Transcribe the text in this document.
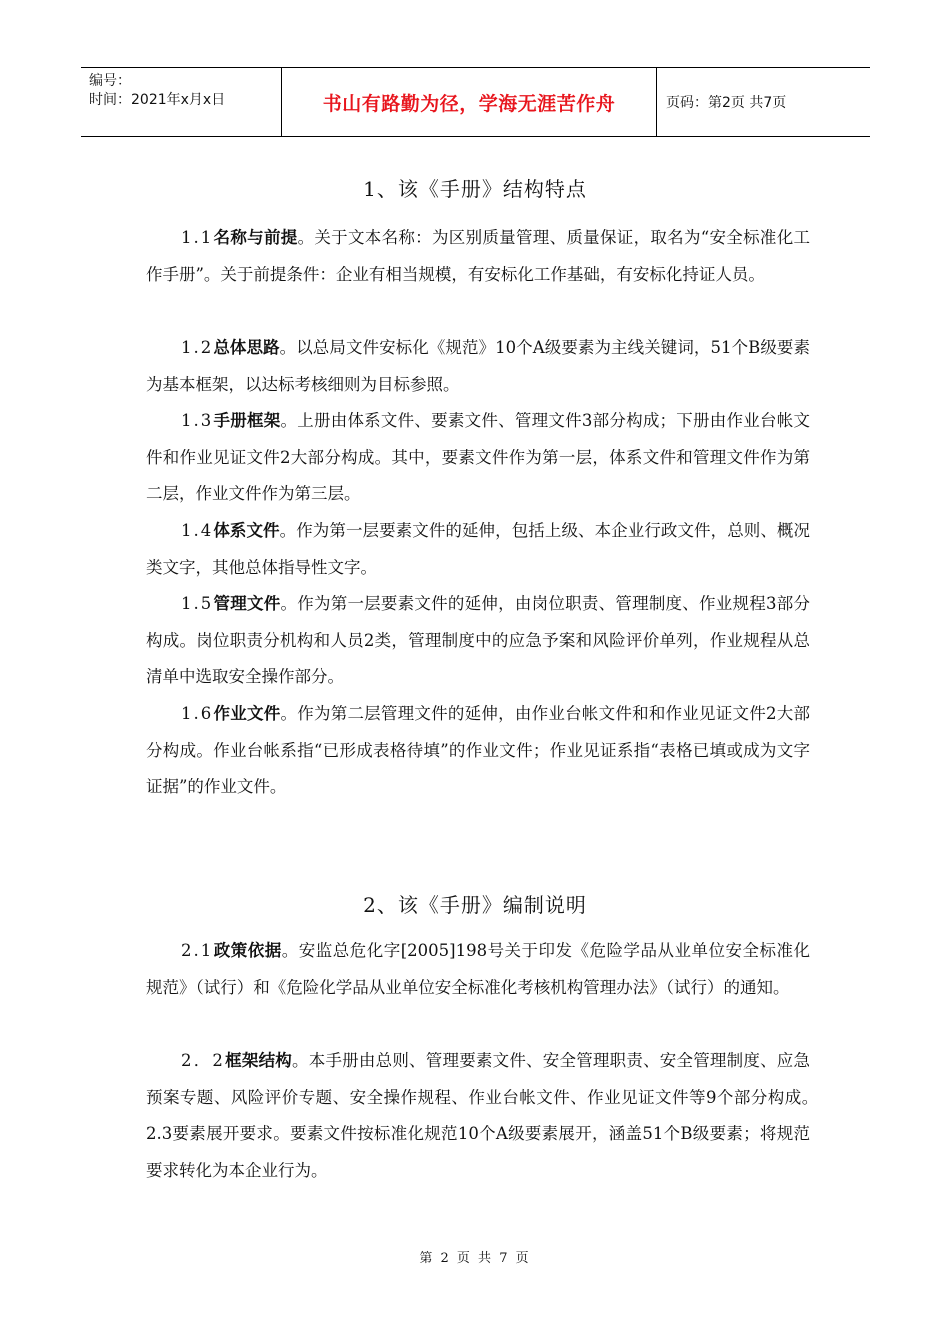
编号：
时间：2021年x月x日	书山有路勤为径，学海无涯苦作舟	页码：第2页 共7页
1、该《手册》结构特点

1.1名称与前提。关于文本名称：为区别质量管理、质量保证，取名为“安全标准化工作手册”。关于前提条件：企业有相当规模，有安标化工作基础，有安标化持证人员。

1.2总体思路。以总局文件安标化《规范》10个A级要素为主线关键词，51个B级要素为基本框架，以达标考核细则为目标参照。

1.3手册框架。上册由体系文件、要素文件、管理文件3部分构成；下册由作业台帐文件和作业见证文件2大部分构成。其中，要素文件作为第一层，体系文件和管理文件作为第二层，作业文件作为第三层。

1.4体系文件。作为第一层要素文件的延伸，包括上级、本企业行政文件，总则、概况类文字，其他总体指导性文字。

1.5管理文件。作为第一层要素文件的延伸，由岗位职责、管理制度、作业规程3部分构成。岗位职责分机构和人员2类，管理制度中的应急予案和风险评价单列，作业规程从总清单中选取安全操作部分。

1.6作业文件。作为第二层管理文件的延伸，由作业台帐文件和和作业见证文件2大部分构成。作业台帐系指“已形成表格待填”的作业文件；作业见证系指“表格已填或成为文字证据”的作业文件。

2、该《手册》编制说明

2.1政策依据。安监总危化字[2005]198号关于印发《危险学品从业单位安全标准化规范》（试行）和《危险化学品从业单位安全标准化考核机构管理办法》（试行）的通知。

2．2框架结构。本手册由总则、管理要素文件、安全管理职责、安全管理制度、应急预案专题、风险评价专题、安全操作规程、作业台帐文件、作业见证文件等9个部分构成。　　2.3要素展开要求。要素文件按标准化规范10个A级要素展开，涵盖51个B级要素；将规范要求转化为本企业行为。

第 2 页 共 7 页
